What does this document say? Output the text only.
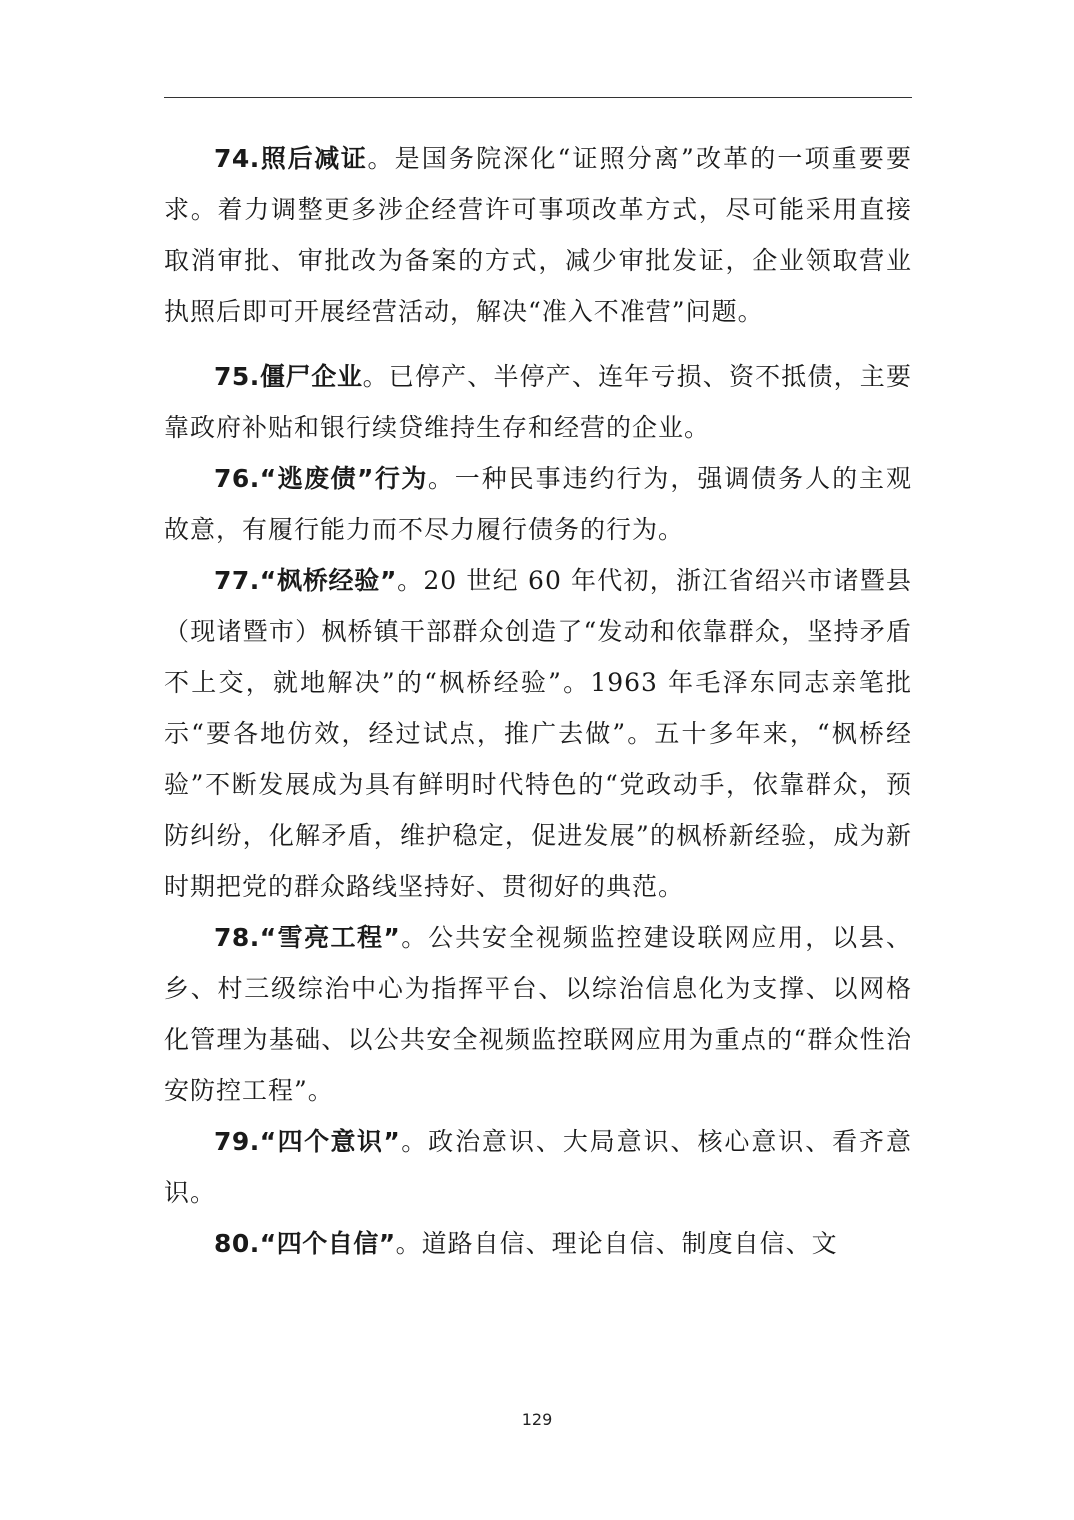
74.照后减证。是国务院深化“证照分离”改革的一项重要要求。着力调整更多涉企经营许可事项改革方式，尽可能采用直接取消审批、审批改为备案的方式，减少审批发证，企业领取营业执照后即可开展经营活动，解决“准入不准营”问题。

75.僵尸企业。已停产、半停产、连年亏损、资不抵债，主要靠政府补贴和银行续贷维持生存和经营的企业。

76.“逃废债”行为。一种民事违约行为，强调债务人的主观故意，有履行能力而不尽力履行债务的行为。

77.“枫桥经验”。20 世纪 60 年代初，浙江省绍兴市诸暨县（现诸暨市）枫桥镇干部群众创造了“发动和依靠群众，坚持矛盾不上交，就地解决”的“枫桥经验”。1963 年毛泽东同志亲笔批示“要各地仿效，经过试点，推广去做”。五十多年来，“枫桥经验”不断发展成为具有鲜明时代特色的“党政动手，依靠群众，预防纠纷，化解矛盾，维护稳定，促进发展”的枫桥新经验，成为新时期把党的群众路线坚持好、贯彻好的典范。

78.“雪亮工程”。公共安全视频监控建设联网应用，以县、乡、村三级综治中心为指挥平台、以综治信息化为支撑、以网格化管理为基础、以公共安全视频监控联网应用为重点的“群众性治安防控工程”。

79.“四个意识”。政治意识、大局意识、核心意识、看齐意识。

80.“四个自信”。道路自信、理论自信、制度自信、文

129
